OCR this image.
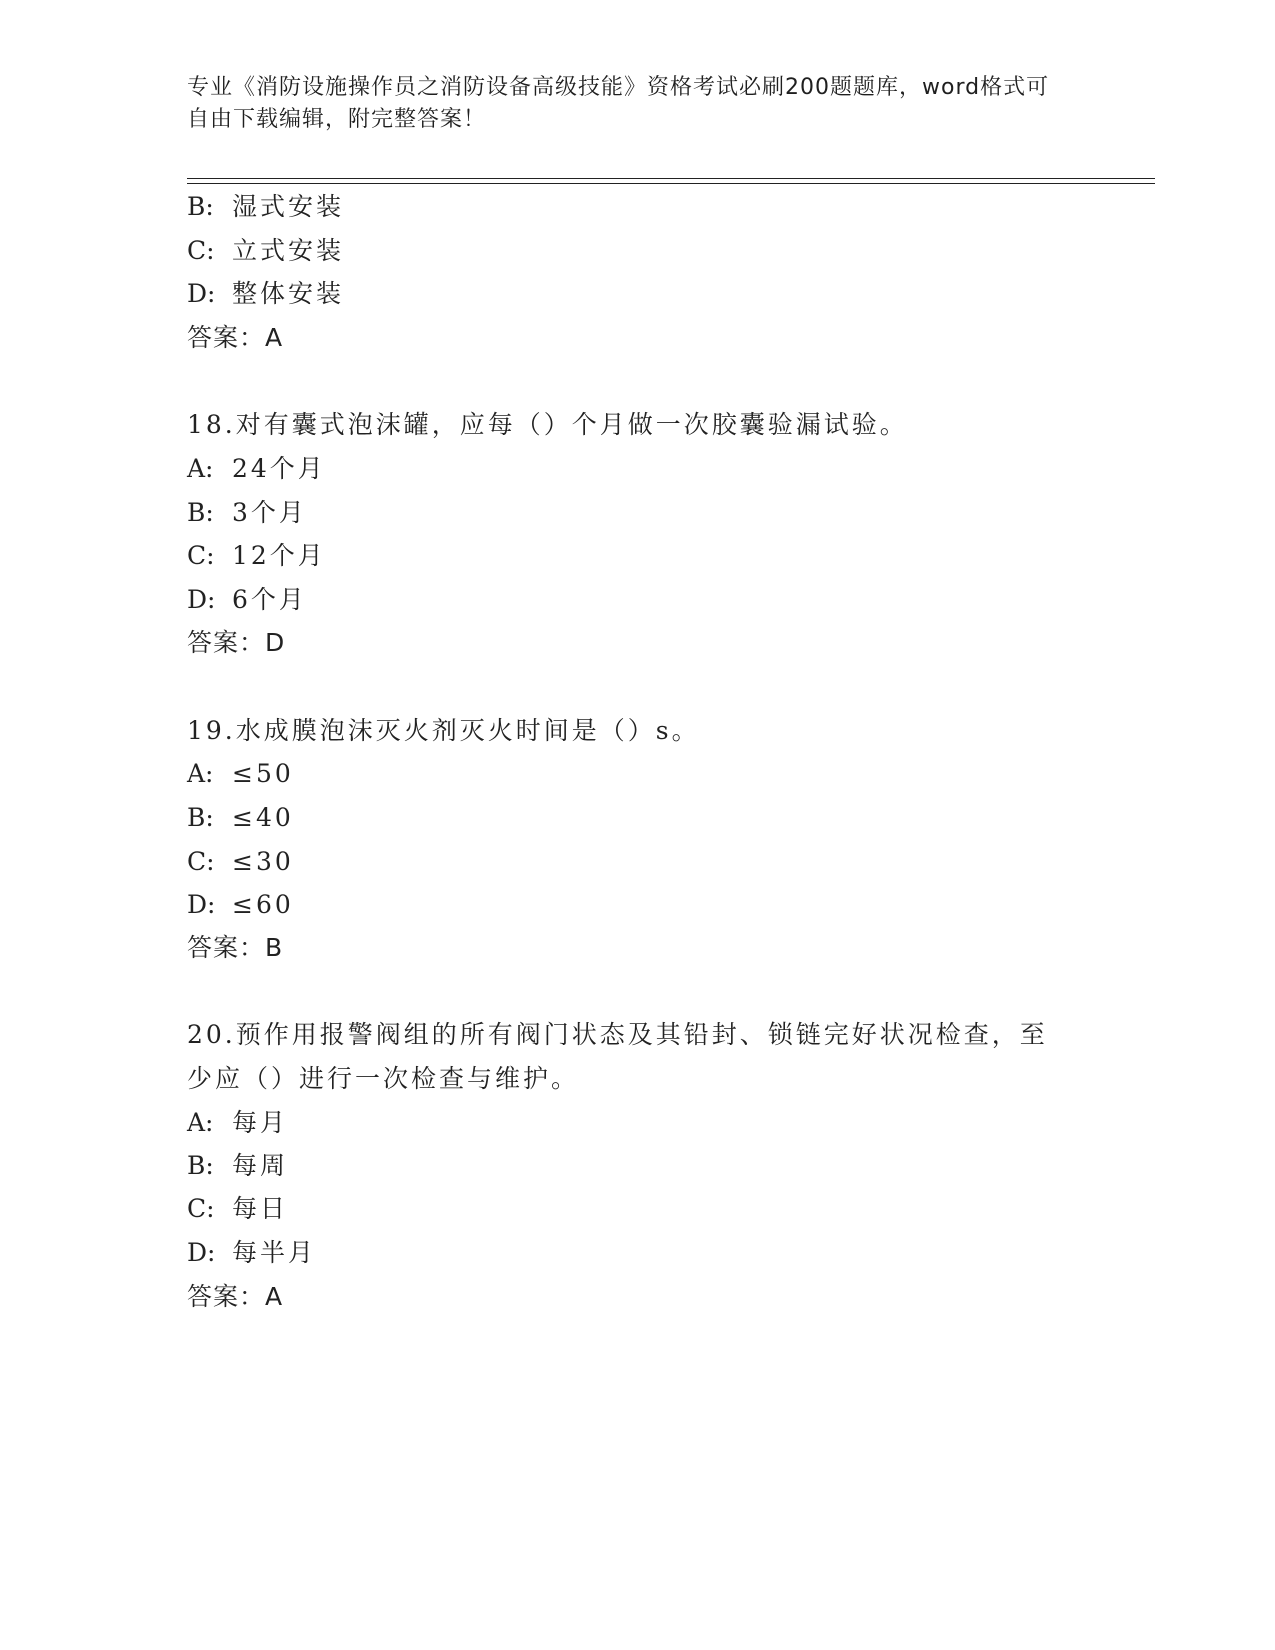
专业《消防设施操作员之消防设备高级技能》资格考试必刷200题题库，word格式可自由下载编辑，附完整答案！
B: 湿式安装
C: 立式安装
D: 整体安装
答案：A
18.对有囊式泡沫罐，应每（）个月做一次胶囊验漏试验。
A: 24个月
B: 3个月
C: 12个月
D: 6个月
答案：D
19.水成膜泡沫灭火剂灭火时间是（）s。
A: ≤50
B: ≤40
C: ≤30
D: ≤60
答案：B
20.预作用报警阀组的所有阀门状态及其铅封、锁链完好状况检查，至
少应（）进行一次检查与维护。
A: 每月
B: 每周
C: 每日
D: 每半月
答案：A
